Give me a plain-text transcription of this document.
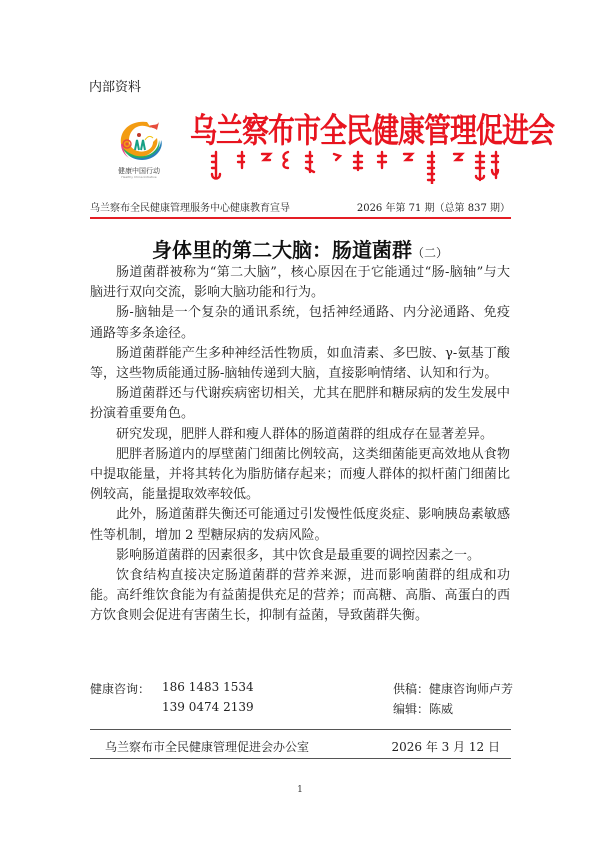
内部资料
健康中国行动
Healthy China Initiative
乌兰察布市全民健康管理促进会
乌兰察布全民健康管理服务中心健康教育宣导	2026 年第 71 期（总第 837 期）
身体里的第二大脑：肠道菌群（二）

肠道菌群被称为“第二大脑”，核心原因在于它能通过“肠-脑轴”与大脑进行双向交流，影响大脑功能和行为。

肠-脑轴是一个复杂的通讯系统，包括神经通路、内分泌通路、免疫通路等多条途径。

肠道菌群能产生多种神经活性物质，如血清素、多巴胺、γ-氨基丁酸等，这些物质能通过肠-脑轴传递到大脑，直接影响情绪、认知和行为。

肠道菌群还与代谢疾病密切相关，尤其在肥胖和糖尿病的发生发展中扮演着重要角色。

研究发现，肥胖人群和瘦人群体的肠道菌群的组成存在显著差异。

肥胖者肠道内的厚壁菌门细菌比例较高，这类细菌能更高效地从食物中提取能量，并将其转化为脂肪储存起来；而瘦人群体的拟杆菌门细菌比例较高，能量提取效率较低。

此外，肠道菌群失衡还可能通过引发慢性低度炎症、影响胰岛素敏感性等机制，增加 2 型糖尿病的发病风险。

影响肠道菌群的因素很多，其中饮食是最重要的调控因素之一。

饮食结构直接决定肠道菌群的营养来源，进而影响菌群的组成和功能。高纤维饮食能为有益菌提供充足的营养；而高糖、高脂、高蛋白的西方饮食则会促进有害菌生长，抑制有益菌，导致菌群失衡。

健康咨询： 186 1483 1534
139 0474 2139
供稿：健康咨询师卢芳
编辑：陈威
乌兰察布市全民健康管理促进会办公室	2026 年 3 月 12 日
1
